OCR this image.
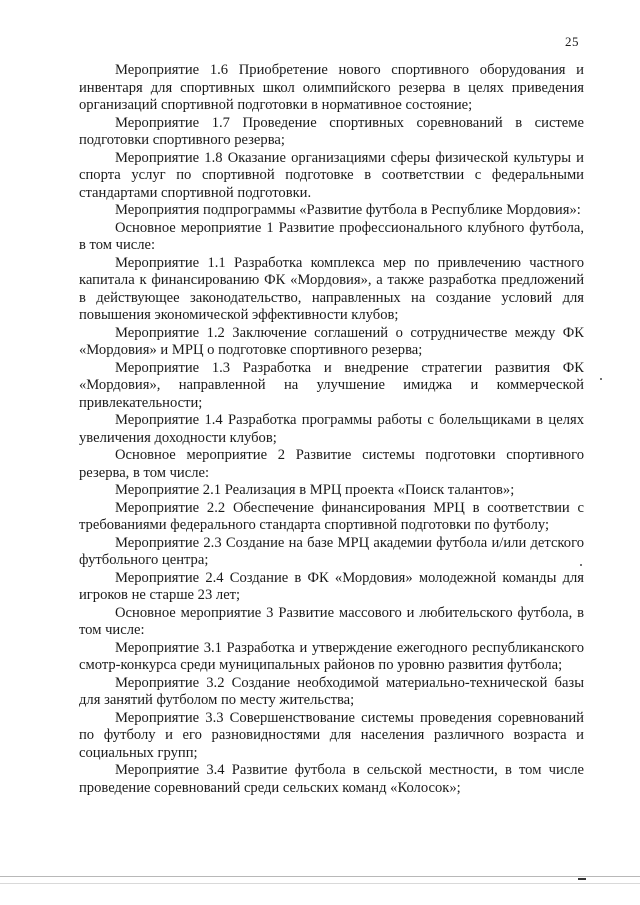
25

Мероприятие 1.6 Приобретение нового спортивного оборудования и инвентаря для спортивных школ олимпийского резерва в целях приведения организаций спортивной подготовки в нормативное состояние;

Мероприятие 1.7 Проведение спортивных соревнований в системе подготовки спортивного резерва;

Мероприятие 1.8 Оказание организациями сферы физической культуры и спорта услуг по спортивной подготовке в соответствии с федеральными стандартами спортивной подготовки.

Мероприятия подпрограммы «Развитие футбола в Республике Мордовия»:

Основное мероприятие 1 Развитие профессионального клубного футбола, в том числе:

Мероприятие 1.1 Разработка комплекса мер по привлечению частного капитала к финансированию ФК «Мордовия», а также разработка предложений в действующее законодательство, направленных на создание условий для повышения экономической эффективности клубов;

Мероприятие 1.2 Заключение соглашений о сотрудничестве между ФК «Мордовия» и МРЦ о подготовке спортивного резерва;

Мероприятие 1.3 Разработка и внедрение стратегии развития ФК «Мордовия», направленной на улучшение имиджа и коммерческой привлекательности;

Мероприятие 1.4 Разработка программы работы с болельщиками в целях увеличения доходности клубов;

Основное мероприятие 2 Развитие системы подготовки спортивного резерва, в том числе:

Мероприятие 2.1 Реализация в МРЦ проекта «Поиск талантов»;

Мероприятие 2.2 Обеспечение финансирования МРЦ в соответствии с требованиями федерального стандарта спортивной подготовки по футболу;

Мероприятие 2.3 Создание на базе МРЦ академии футбола и/или детского футбольного центра;

Мероприятие 2.4 Создание в ФК «Мордовия» молодежной команды для игроков не старше 23 лет;

Основное мероприятие 3 Развитие массового и любительского футбола, в том числе:

Мероприятие 3.1 Разработка и утверждение ежегодного республиканского смотр-конкурса среди муниципальных районов по уровню развития футбола;

Мероприятие 3.2 Создание необходимой материально-технической базы для занятий футболом по месту жительства;

Мероприятие 3.3 Совершенствование системы проведения соревнований по футболу и его разновидностями для населения различного возраста и социальных групп;

Мероприятие 3.4 Развитие футбола в сельской местности, в том числе проведение соревнований среди сельских команд «Колосок»;
